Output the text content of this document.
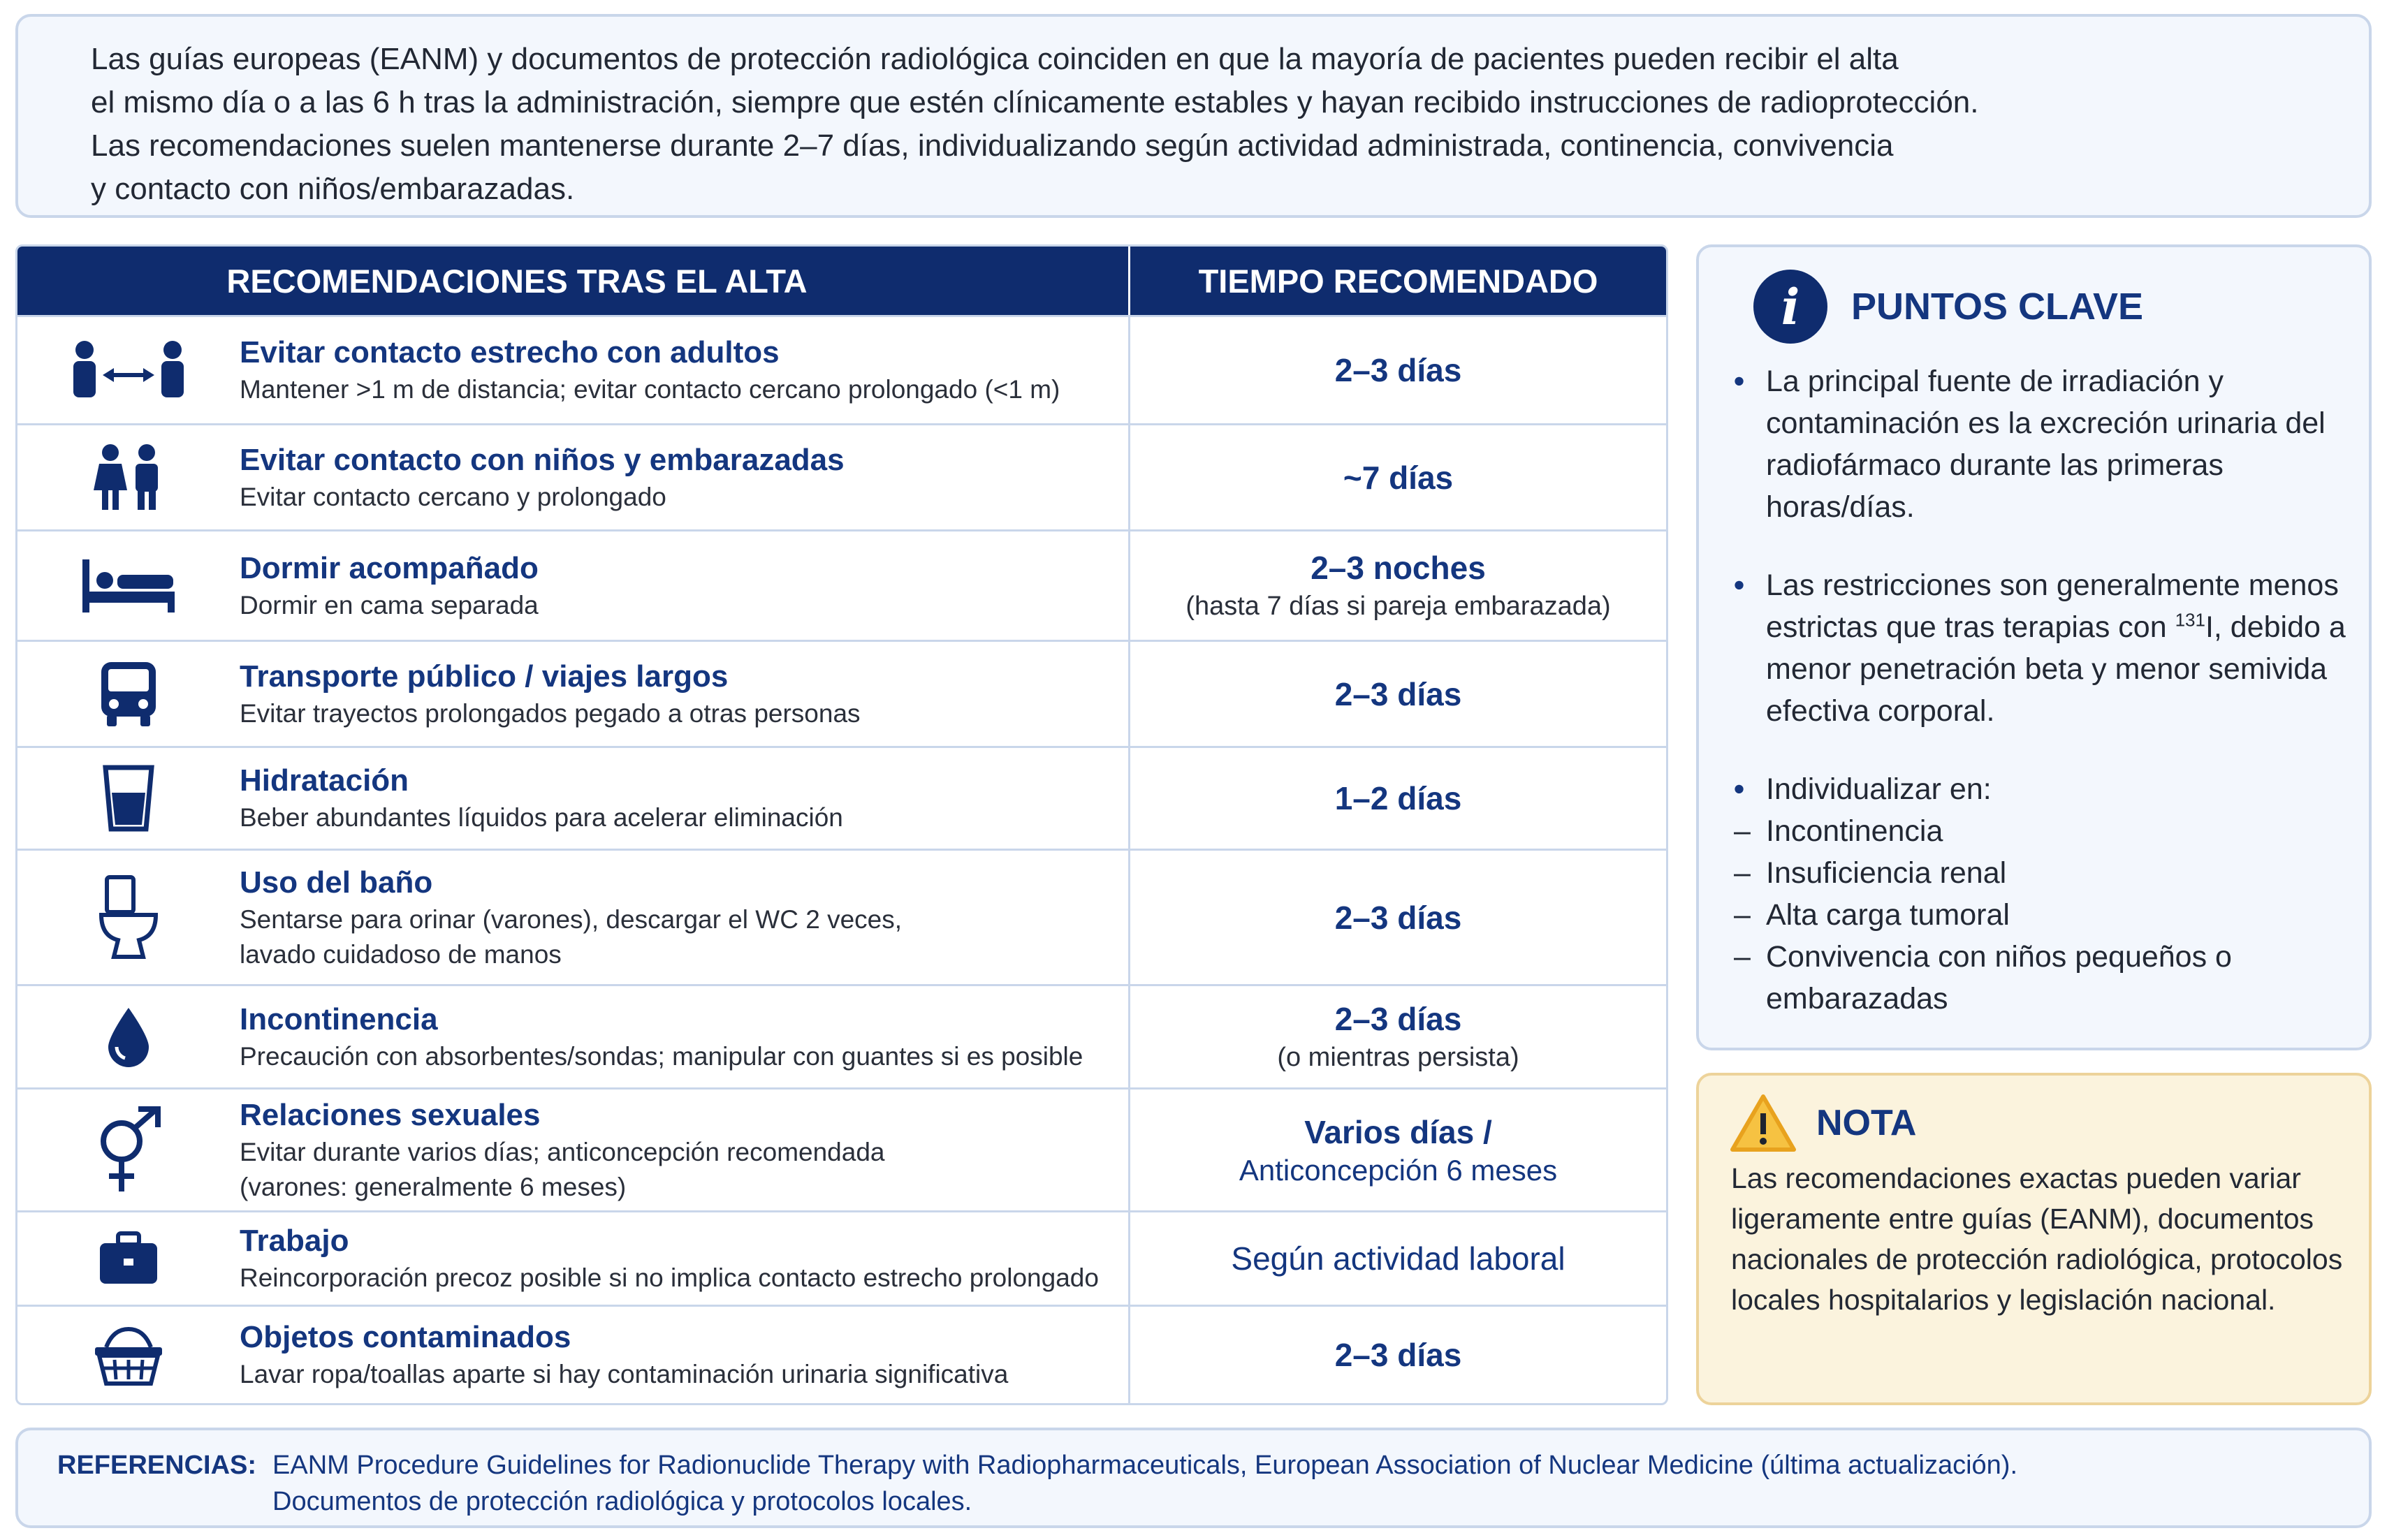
Las guías europeas (EANM) y documentos de protección radiológica coinciden en que la mayoría de pacientes pueden recibir el alta

el mismo día o a las 6 h tras la administración, siempre que estén clínicamente estables y hayan recibido instrucciones de radioprotección.

Las recomendaciones suelen mantenerse durante 2–7 días, individualizando según actividad administrada, continencia, convivencia

y contacto con niños/embarazadas.

RECOMENDACIONES TRAS EL ALTA	TIEMPO RECOMENDADO
Evitar contacto estrecho con adultos
Mantener >1 m de distancia; evitar contacto cercano prolongado (<1 m)
2–3 días
Evitar contacto con niños y embarazadas
Evitar contacto cercano y prolongado
~7 días
Dormir acompañado
Dormir en cama separada
2–3 noches
(hasta 7 días si pareja embarazada)
Transporte público / viajes largos
Evitar trayectos prolongados pegado a otras personas
2–3 días
Hidratación
Beber abundantes líquidos para acelerar eliminación
1–2 días
Uso del baño
Sentarse para orinar (varones), descargar el WC 2 veces,
lavado cuidadoso de manos
2–3 días
Incontinencia
Precaución con absorbentes/sondas; manipular con guantes si es posible
2–3 días
(o mientras persista)
Relaciones sexuales
Evitar durante varios días; anticoncepción recomendada
(varones: generalmente 6 meses)
Varios días /
Anticoncepción 6 meses
Trabajo
Reincorporación precoz posible si no implica contacto estrecho prolongado
Según actividad laboral
Objetos contaminados
Lavar ropa/toallas aparte si hay contaminación urinaria significativa
2–3 días
i	PUNTOS CLAVE
• La principal fuente de irradiación y contaminación es la excreción urinaria del radiofármaco durante las primeras horas/días.
• Las restricciones son generalmente menos estrictas que tras terapias con $^{131}$I, debido a menor penetración beta y menor semivida efectiva corporal.
• Individualizar en:
– Incontinencia
– Insuficiencia renal
– Alta carga tumoral
– Convivencia con niños pequeños o embarazadas
NOTA
Las recomendaciones exactas pueden variar ligeramente entre guías (EANM), documentos nacionales de protección radiológica, protocolos locales hospitalarios y legislación nacional.
REFERENCIAS: EANM Procedure Guidelines for Radionuclide Therapy with Radiopharmaceuticals, European Association of Nuclear Medicine (última actualización).
Documentos de protección radiológica y protocolos locales.
